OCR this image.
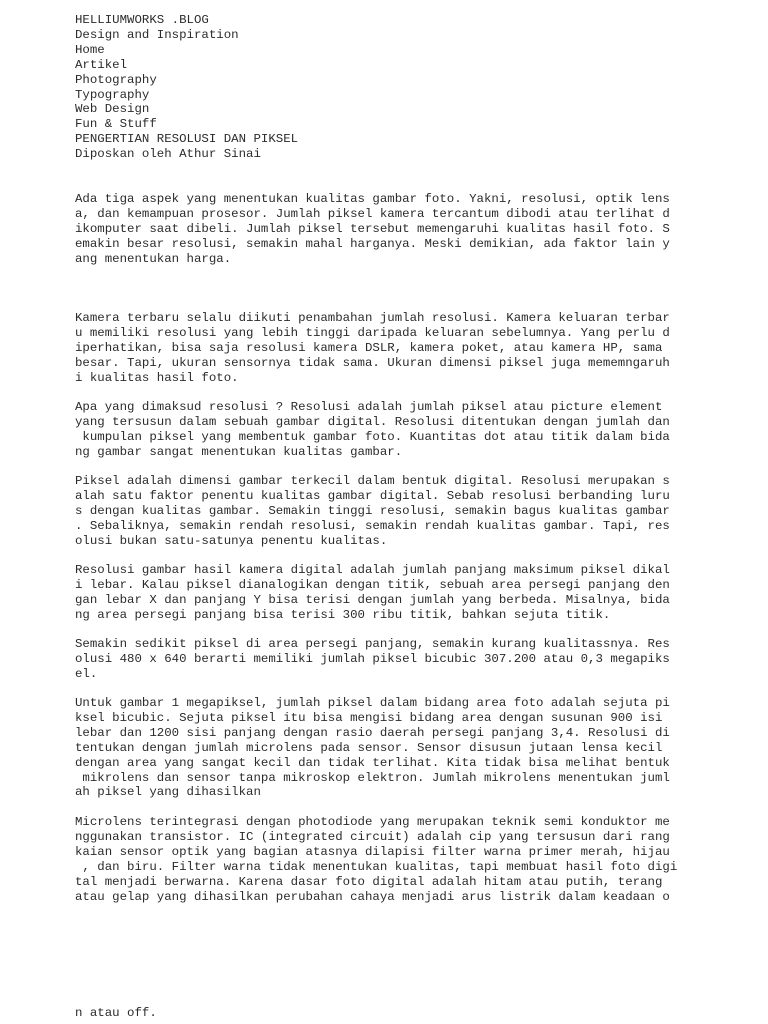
HELLIUMWORKS .BLOG
Design and Inspiration
Home
Artikel
Photography
Typography
Web Design
Fun & Stuff
PENGERTIAN RESOLUSI DAN PIKSEL
Diposkan oleh Athur Sinai
Ada tiga aspek yang menentukan kualitas gambar foto. Yakni, resolusi, optik lens
a, dan kemampuan prosesor. Jumlah piksel kamera tercantum dibodi atau terlihat d
ikomputer saat dibeli. Jumlah piksel tersebut memengaruhi kualitas hasil foto. S
emakin besar resolusi, semakin mahal harganya. Meski demikian, ada faktor lain y
ang menentukan harga.
Kamera terbaru selalu diikuti penambahan jumlah resolusi. Kamera keluaran terbar
u memiliki resolusi yang lebih tinggi daripada keluaran sebelumnya. Yang perlu d
iperhatikan, bisa saja resolusi kamera DSLR, kamera poket, atau kamera HP, sama
besar. Tapi, ukuran sensornya tidak sama. Ukuran dimensi piksel juga mememngaruh
i kualitas hasil foto.
Apa yang dimaksud resolusi ? Resolusi adalah jumlah piksel atau picture element
yang tersusun dalam sebuah gambar digital. Resolusi ditentukan dengan jumlah dan
kumpulan piksel yang membentuk gambar foto. Kuantitas dot atau titik dalam bida
ng gambar sangat menentukan kualitas gambar.
Piksel adalah dimensi gambar terkecil dalam bentuk digital. Resolusi merupakan s
alah satu faktor penentu kualitas gambar digital. Sebab resolusi berbanding luru
s dengan kualitas gambar. Semakin tinggi resolusi, semakin bagus kualitas gambar
. Sebaliknya, semakin rendah resolusi, semakin rendah kualitas gambar. Tapi, res
olusi bukan satu-satunya penentu kualitas.
Resolusi gambar hasil kamera digital adalah jumlah panjang maksimum piksel dikal
i lebar. Kalau piksel dianalogikan dengan titik, sebuah area persegi panjang den
gan lebar X dan panjang Y bisa terisi dengan jumlah yang berbeda. Misalnya, bida
ng area persegi panjang bisa terisi 300 ribu titik, bahkan sejuta titik.
Semakin sedikit piksel di area persegi panjang, semakin kurang kualitassnya. Res
olusi 480 x 640 berarti memiliki jumlah piksel bicubic 307.200 atau 0,3 megapiks
el.
Untuk gambar 1 megapiksel, jumlah piksel dalam bidang area foto adalah sejuta pi
ksel bicubic. Sejuta piksel itu bisa mengisi bidang area dengan susunan 900 isi
lebar dan 1200 sisi panjang dengan rasio daerah persegi panjang 3,4. Resolusi di
tentukan dengan jumlah microlens pada sensor. Sensor disusun jutaan lensa kecil
dengan area yang sangat kecil dan tidak terlihat. Kita tidak bisa melihat bentuk
mikrolens dan sensor tanpa mikroskop elektron. Jumlah mikrolens menentukan juml
ah piksel yang dihasilkan
Microlens terintegrasi dengan photodiode yang merupakan teknik semi konduktor me
nggunakan transistor. IC (integrated circuit) adalah cip yang tersusun dari rang
kaian sensor optik yang bagian atasnya dilapisi filter warna primer merah, hijau
, dan biru. Filter warna tidak menentukan kualitas, tapi membuat hasil foto digi
tal menjadi berwarna. Karena dasar foto digital adalah hitam atau putih, terang
atau gelap yang dihasilkan perubahan cahaya menjadi arus listrik dalam keadaan o
n atau off.
